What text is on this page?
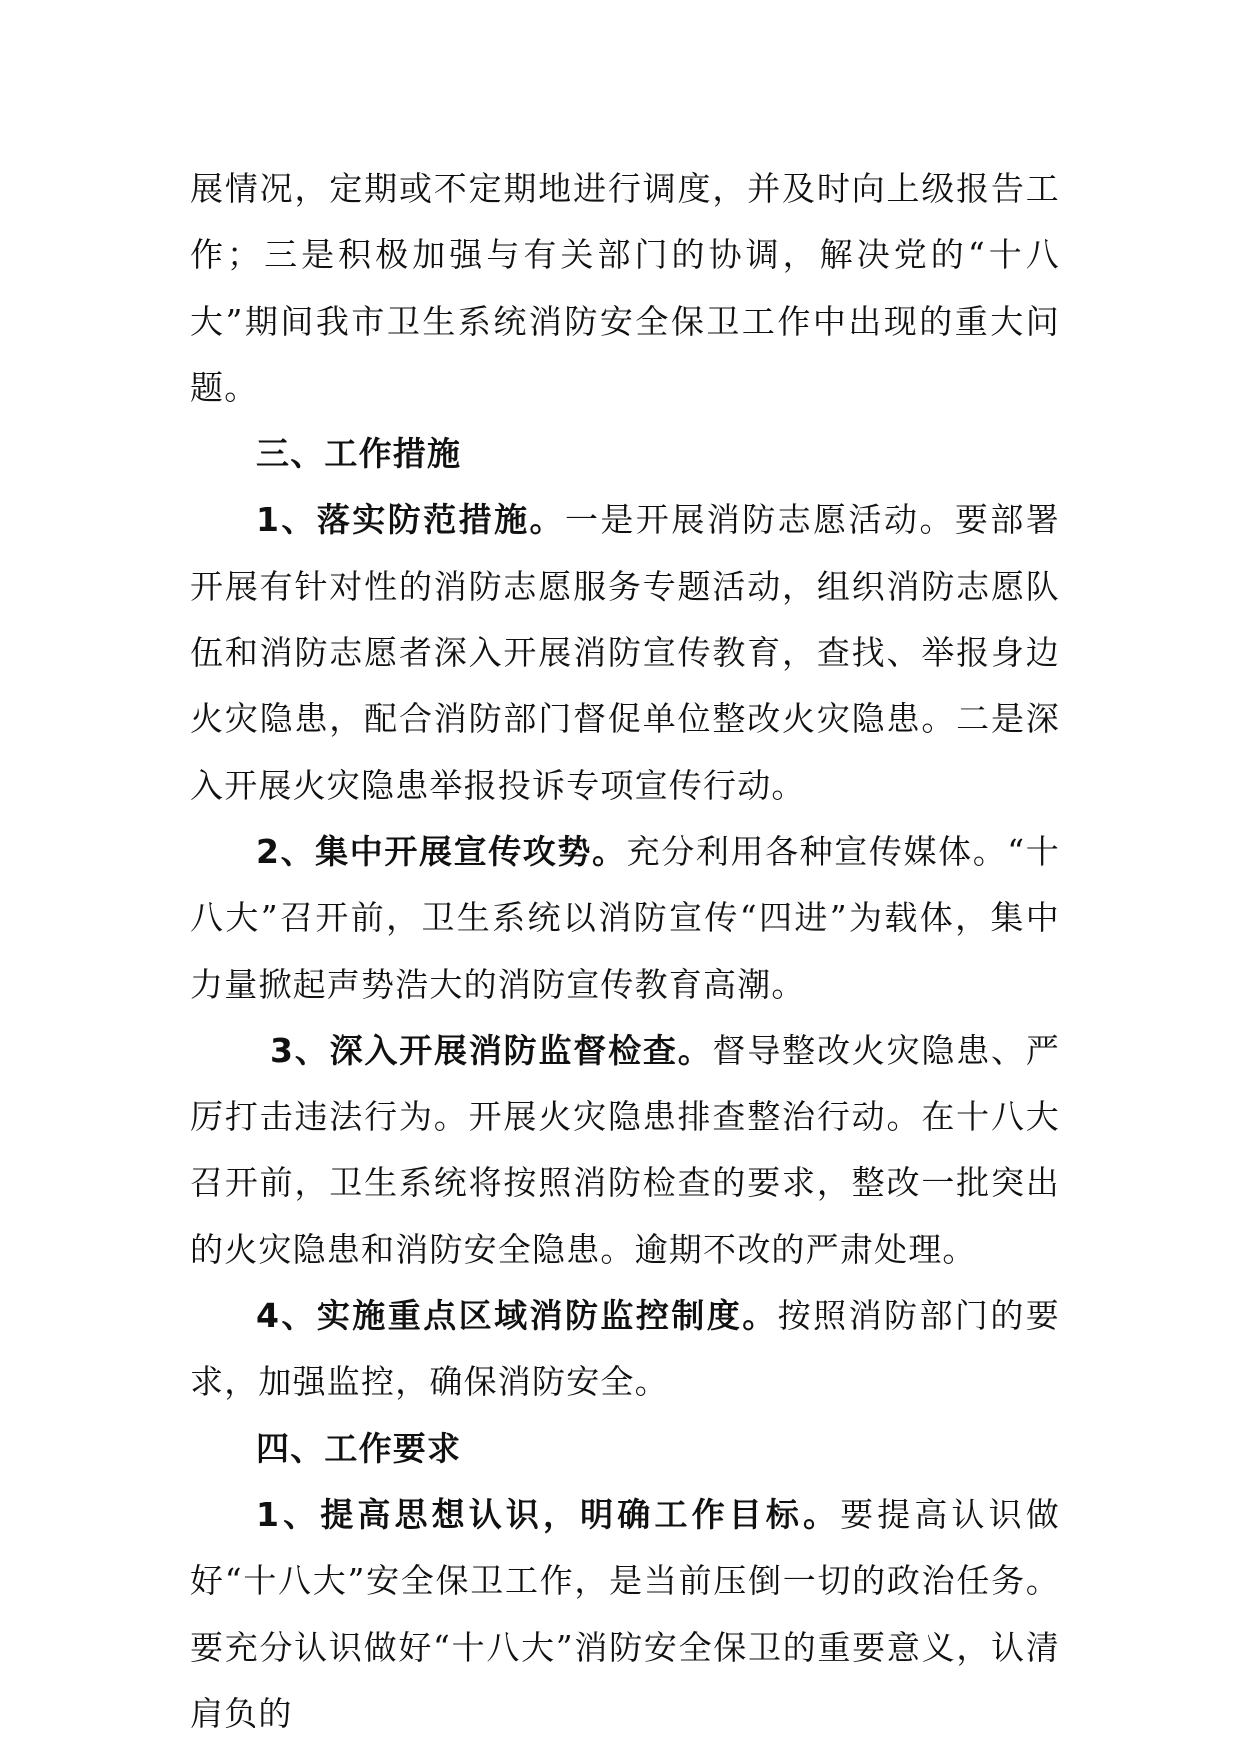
展情况，定期或不定期地进行调度，并及时向上级报告工作；三是积极加强与有关部门的协调，解决党的“十八大”期间我市卫生系统消防安全保卫工作中出现的重大问题。

三、工作措施

1、落实防范措施。一是开展消防志愿活动。要部署开展有针对性的消防志愿服务专题活动，组织消防志愿队伍和消防志愿者深入开展消防宣传教育，查找、举报身边火灾隐患，配合消防部门督促单位整改火灾隐患。二是深入开展火灾隐患举报投诉专项宣传行动。

2、集中开展宣传攻势。充分利用各种宣传媒体。“十八大”召开前，卫生系统以消防宣传“四进”为载体，集中力量掀起声势浩大的消防宣传教育高潮。

3、深入开展消防监督检查。督导整改火灾隐患、严厉打击违法行为。开展火灾隐患排查整治行动。在十八大召开前，卫生系统将按照消防检查的要求，整改一批突出的火灾隐患和消防安全隐患。逾期不改的严肃处理。

4、实施重点区域消防监控制度。按照消防部门的要求，加强监控，确保消防安全。

四、工作要求

1、提高思想认识，明确工作目标。要提高认识做好“十八大”安全保卫工作，是当前压倒一切的政治任务。要充分认识做好“十八大”消防安全保卫的重要意义，认清肩负的
